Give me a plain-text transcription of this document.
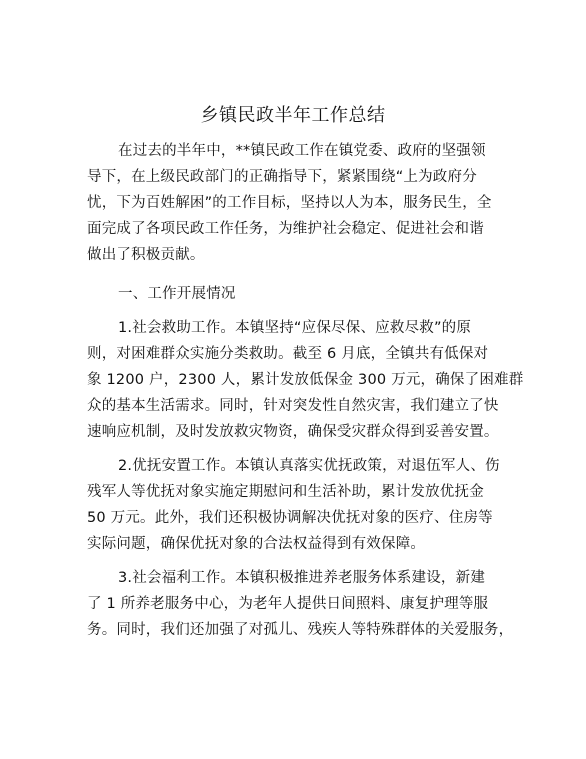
乡镇民政半年工作总结
在过去的半年中，**镇民政工作在镇党委、政府的坚强领
导下，在上级民政部门的正确指导下，紧紧围绕“上为政府分
忧，下为百姓解困”的工作目标，坚持以人为本，服务民生，全
面完成了各项民政工作任务，为维护社会稳定、促进社会和谐
做出了积极贡献。
一、工作开展情况
1.社会救助工作。本镇坚持“应保尽保、应救尽救”的原
则，对困难群众实施分类救助。截至 6 月底，全镇共有低保对
象 1200 户，2300 人，累计发放低保金 300 万元，确保了困难群
众的基本生活需求。同时，针对突发性自然灾害，我们建立了快
速响应机制，及时发放救灾物资，确保受灾群众得到妥善安置。
2.优抚安置工作。本镇认真落实优抚政策，对退伍军人、伤
残军人等优抚对象实施定期慰问和生活补助，累计发放优抚金
50 万元。此外，我们还积极协调解决优抚对象的医疗、住房等
实际问题，确保优抚对象的合法权益得到有效保障。
3.社会福利工作。本镇积极推进养老服务体系建设，新建
了 1 所养老服务中心，为老年人提供日间照料、康复护理等服
务。同时，我们还加强了对孤儿、残疾人等特殊群体的关爱服务，
